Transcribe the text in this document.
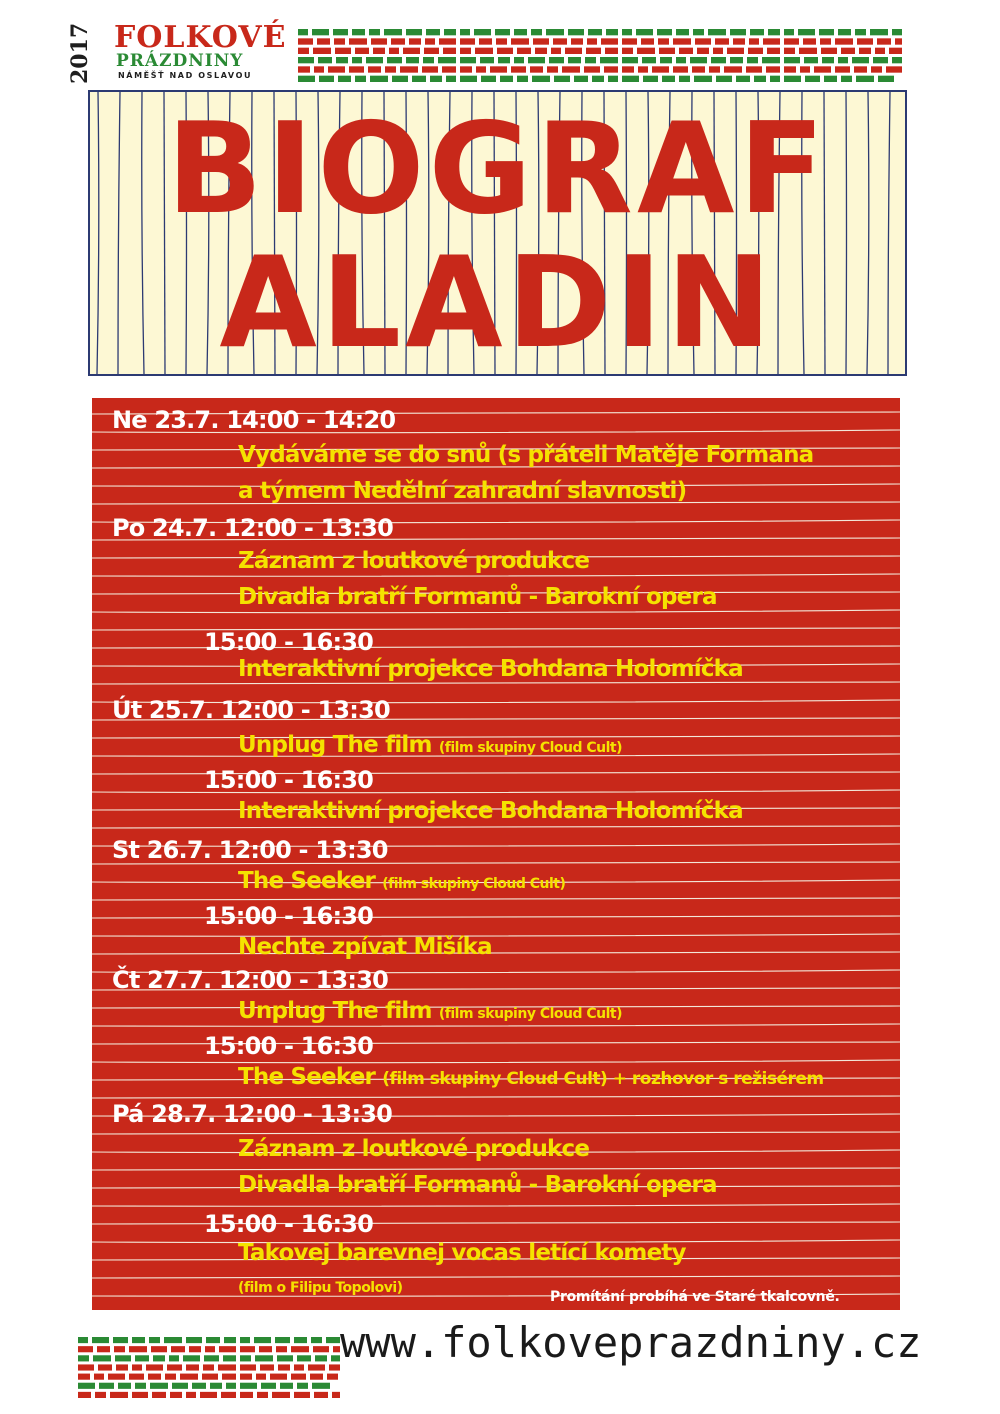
2017 FOLKOVÉ
PRÁZDNINY
NÁMĚŠŤ NAD OSLAVOU
BIOGRAF
ALADIN
Ne 23.7. 14:00 - 14:20
Vydáváme se do snů (s přáteli Matěje Formana
a týmem Nedělní zahradní slavnosti)
Po 24.7. 12:00 - 13:30
Záznam z loutkové produkce
Divadla bratří Formanů - Barokní opera
15:00 - 16:30
Interaktivní projekce Bohdana Holomíčka
Út 25.7. 12:00 - 13:30
Unplug The film (film skupiny Cloud Cult)
15:00 - 16:30
Interaktivní projekce Bohdana Holomíčka
St 26.7. 12:00 - 13:30
The Seeker (film skupiny Cloud Cult)
15:00 - 16:30
Nechte zpívat Mišíka
Čt 27.7. 12:00 - 13:30
Unplug The film (film skupiny Cloud Cult)
15:00 - 16:30
The Seeker (film skupiny Cloud Cult) + rozhovor s režisérem
Pá 28.7. 12:00 - 13:30
Záznam z loutkové produkce
Divadla bratří Formanů - Barokní opera
15:00 - 16:30
Takovej barevnej vocas letící komety
(film o Filipu Topolovi)
Promítání probíhá ve Staré tkalcovně.
www.folkoveprazdniny.cz
